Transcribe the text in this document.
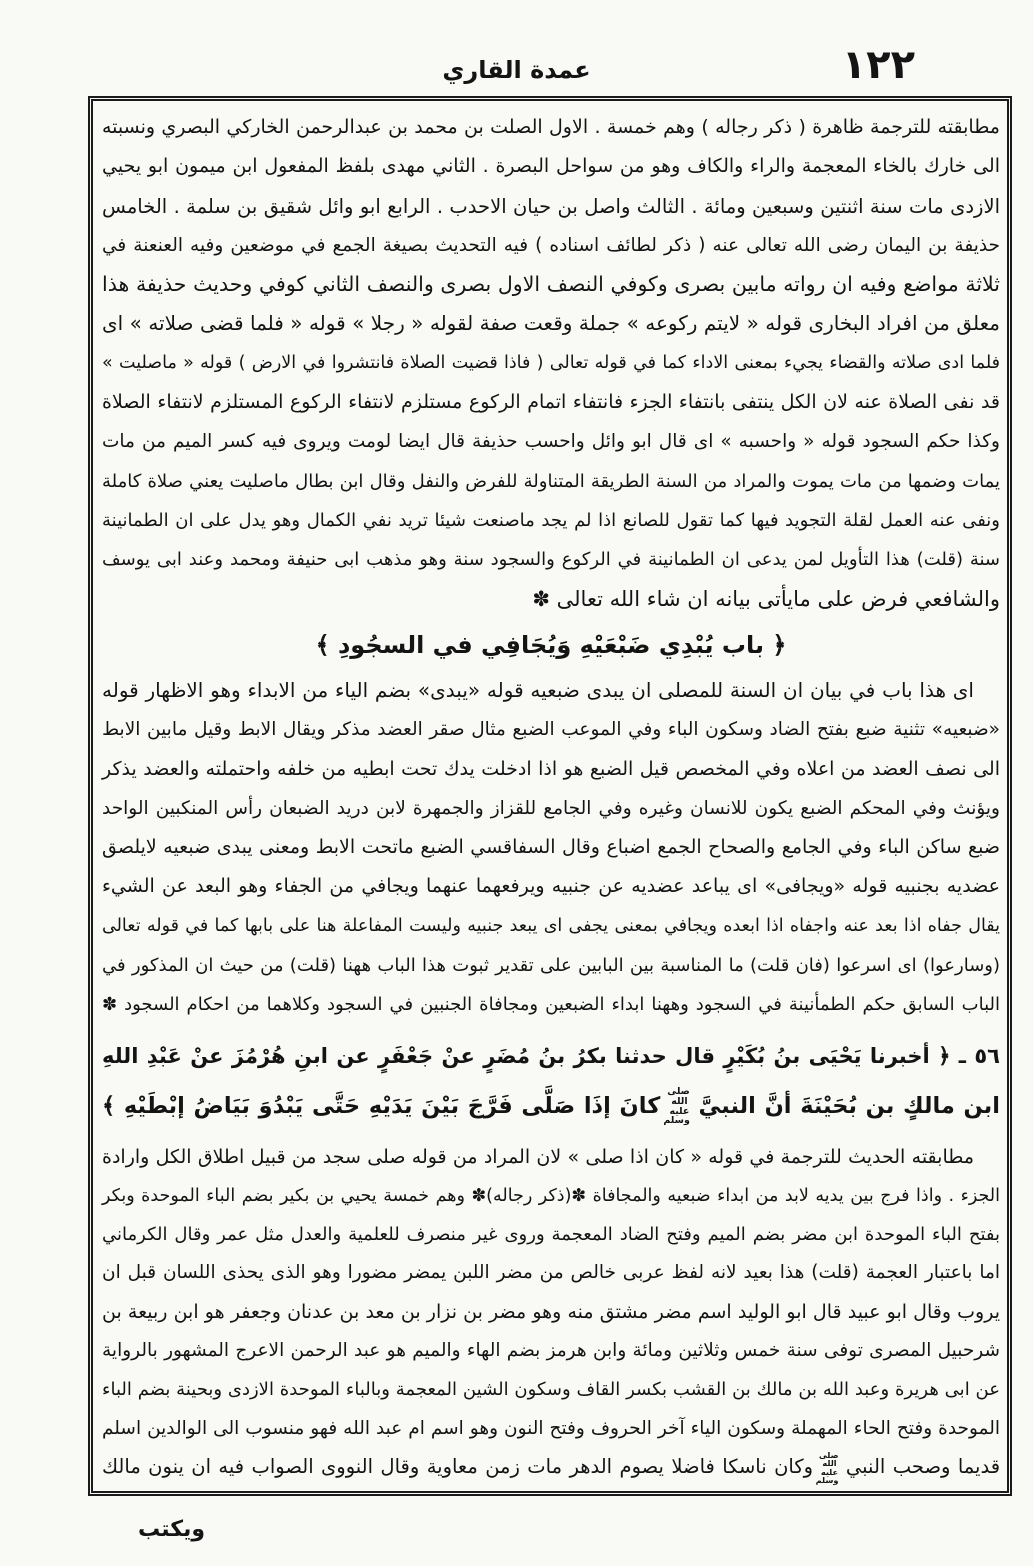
١٢٢
عمدة القاري
مطابقته للترجمة ظاهرة ( ذكر رجاله ) وهم خمسة . الاول الصلت بن محمد بن عبدالرحمن الخاركي البصري ونسبته
الى خارك بالخاء المعجمة والراء والكاف وهو من سواحل البصرة . الثاني مهدى بلفظ المفعول ابن ميمون ابو يحيي
الازدى مات سنة اثنتين وسبعين ومائة . الثالث واصل بن حيان الاحدب . الرابع ابو وائل شقيق بن سلمة . الخامس
حذيفة بن اليمان رضى الله تعالى عنه ( ذكر لطائف اسناده ) فيه التحديث بصيغة الجمع في موضعين وفيه العنعنة في
ثلاثة مواضع وفيه ان رواته مابين بصرى وكوفي النصف الاول بصرى والنصف الثاني كوفي وحديث حذيفة هذا
معلق من افراد البخارى قوله « لايتم ركوعه » جملة وقعت صفة لقوله « رجلا » قوله « فلما قضى صلاته » اى
فلما ادى صلاته والقضاء يجيء بمعنى الاداء كما في قوله تعالى ( فاذا قضيت الصلاة فانتشروا في الارض ) قوله « ماصليت »
قد نفى الصلاة عنه لان الكل ينتفى بانتفاء الجزء فانتفاء اتمام الركوع مستلزم لانتفاء الركوع المستلزم لانتفاء الصلاة
وكذا حكم السجود قوله « واحسبه » اى قال ابو وائل واحسب حذيفة قال ايضا لومت ويروى فيه كسر الميم من مات
يمات وضمها من مات يموت والمراد من السنة الطريقة المتناولة للفرض والنفل وقال ابن بطال ماصليت يعني صلاة كاملة
ونفى عنه العمل لقلة التجويد فيها كما تقول للصانع اذا لم يجد ماصنعت شيئا تريد نفي الكمال وهو يدل على ان الطمانينة
سنة (قلت) هذا التأويل لمن يدعى ان الطمانينة في الركوع والسجود سنة وهو مذهب ابى حنيفة ومحمد وعند ابى يوسف
والشافعي فرض على مايأتى بيانه ان شاء الله تعالى ✽
﴿ باب يُبْدِي ضَبْعَيْهِ وَيُجَافِي في السجُودِ ﴾
اى هذا باب في بيان ان السنة للمصلى ان يبدى ضبعيه قوله «يبدى» بضم الياء من الابداء وهو الاظهار قوله
«ضبعيه» تثنية ضبع بفتح الضاد وسكون الباء وفي الموعب الضبع مثال صقر العضد مذكر ويقال الابط وقيل مابين الابط
الى نصف العضد من اعلاه وفي المخصص قيل الضبع هو اذا ادخلت يدك تحت ابطيه من خلفه واحتملته والعضد يذكر
ويؤنث وفي المحكم الضبع يكون للانسان وغيره وفي الجامع للقزاز والجمهرة لابن دريد الضبعان رأس المنكبين الواحد
ضبع ساكن الباء وفي الجامع والصحاح الجمع اضباع وقال السفاقسي الضبع ماتحت الابط ومعنى يبدى ضبعيه لايلصق
عضديه بجنبيه قوله «ويجافى» اى يباعد عضديه عن جنبيه ويرفعهما عنهما ويجافي من الجفاء وهو البعد عن الشيء
يقال جفاه اذا بعد عنه واجفاه اذا ابعده ويجافي بمعنى يجفى اى يبعد جنبيه وليست المفاعلة هنا على بابها كما في قوله تعالى
(وسارعوا) اى اسرعوا (فان قلت) ما المناسبة بين البابين على تقدير ثبوت هذا الباب ههنا (قلت) من حيث ان المذكور في
الباب السابق حكم الطمأنينة في السجود وههنا ابداء الضبعين ومجافاة الجنبين في السجود وكلاهما من احكام السجود ✽
٥٦ ـ ﴿ أخبرنا يَحْيَى بنُ بُكَيْرٍ قال حدثنا بكرُ بنُ مُضَرٍ عنْ جَعْفَرٍ عن ابنِ هُرْمُزَ عنْ عَبْدِ اللهِ
ابن مالكٍ بن بُحَيْنَةَ أنَّ النبيَّ صلى الله عليه وسلم كانَ إذَا صَلَّى فَرَّجَ بَيْنَ يَدَيْهِ حَتَّى يَبْدُوَ بَيَاضُ إبْطَيْهِ ﴾
مطابقته الحديث للترجمة في قوله « كان اذا صلى » لان المراد من قوله صلى سجد من قبيل اطلاق الكل وارادة
الجزء . واذا فرج بين يديه لابد من ابداء ضبعيه والمجافاة ✽(ذكر رجاله)✽ وهم خمسة يحيي بن بكير بضم الباء الموحدة وبكر
بفتح الباء الموحدة ابن مضر بضم الميم وفتح الضاد المعجمة وروى غير منصرف للعلمية والعدل مثل عمر وقال الكرماني
اما باعتبار العجمة (قلت) هذا بعيد لانه لفظ عربى خالص من مضر اللبن يمضر مضورا وهو الذى يحذى اللسان قبل ان
يروب وقال ابو عبيد قال ابو الوليد اسم مضر مشتق منه وهو مضر بن نزار بن معد بن عدنان وجعفر هو ابن ربيعة بن
شرحبيل المصرى توفى سنة خمس وثلاثين ومائة وابن هرمز بضم الهاء والميم هو عبد الرحمن الاعرج المشهور بالرواية
عن ابى هريرة وعبد الله بن مالك بن القشب بكسر القاف وسكون الشين المعجمة وبالباء الموحدة الازدى وبحينة بضم الباء
الموحدة وفتح الحاء المهملة وسكون الياء آخر الحروف وفتح النون وهو اسم ام عبد الله فهو منسوب الى الوالدين اسلم
قديما وصحب النبي صلى الله عليه وسلم وكان ناسكا فاضلا يصوم الدهر مات زمن معاوية وقال النووى الصواب فيه ان ينون مالك
ويكتب
